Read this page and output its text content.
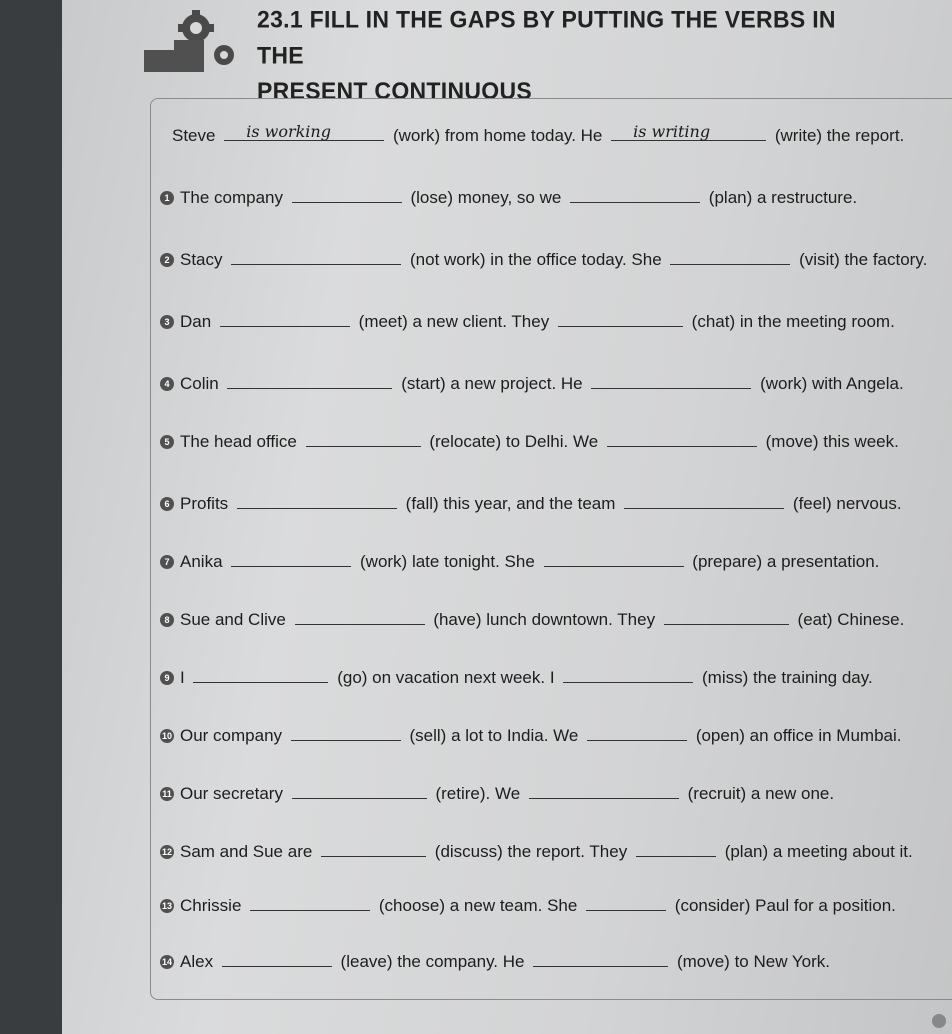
23.1 FILL IN THE GAPS BY PUTTING THE VERBS IN THE
PRESENT CONTINUOUS
Steve is working	(work) from home today. He is writing	(write) the report.
1 The company	(lose) money, so we	(plan) a restructure.
2 Stacy	(not work) in the office today. She	(visit) the factory.
3 Dan	(meet) a new client. They	(chat) in the meeting room.
4 Colin	(start) a new project. He	(work) with Angela.
5 The head office	(relocate) to Delhi. We	(move) this week.
6 Profits	(fall) this year, and the team	(feel) nervous.
7 Anika	(work) late tonight. She	(prepare) a presentation.
8 Sue and Clive	(have) lunch downtown. They	(eat) Chinese.
9 I	(go) on vacation next week. I	(miss) the training day.
10 Our company	(sell) a lot to India. We	(open) an office in Mumbai.
11 Our secretary	(retire). We	(recruit) a new one.
12 Sam and Sue are	(discuss) the report. They	(plan) a meeting about it.
13 Chrissie	(choose) a new team. She	(consider) Paul for a position.
14 Alex	(leave) the company. He	(move) to New York.
